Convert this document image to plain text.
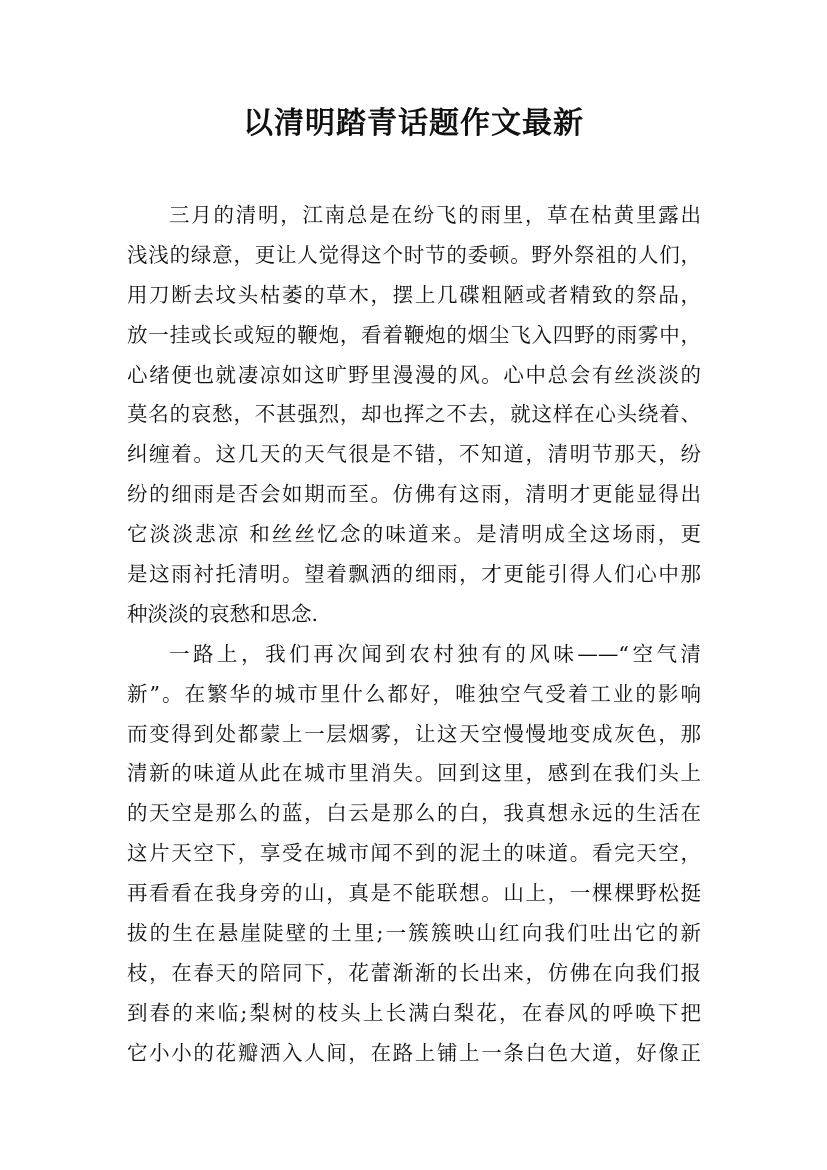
以清明踏青话题作文最新
三月的清明，江南总是在纷飞的雨里，草在枯黄里露出
浅浅的绿意，更让人觉得这个时节的委顿。野外祭祖的人们，
用刀断去坟头枯萎的草木，摆上几碟粗陋或者精致的祭品，
放一挂或长或短的鞭炮，看着鞭炮的烟尘飞入四野的雨雾中，
心绪便也就凄凉如这旷野里漫漫的风。心中总会有丝淡淡的
莫名的哀愁，不甚强烈，却也挥之不去，就这样在心头绕着、
纠缠着。这几天的天气很是不错，不知道，清明节那天，纷
纷的细雨是否会如期而至。仿佛有这雨，清明才更能显得出
它淡淡悲凉 和丝丝忆念的味道来。是清明成全这场雨，更
是这雨衬托清明。望着飘洒的细雨，才更能引得人们心中那
种淡淡的哀愁和思念.
一路上，我们再次闻到农村独有的风味——“空气清
新”。在繁华的城市里什么都好，唯独空气受着工业的影响
而变得到处都蒙上一层烟雾，让这天空慢慢地变成灰色，那
清新的味道从此在城市里消失。回到这里，感到在我们头上
的天空是那么的蓝，白云是那么的白，我真想永远的生活在
这片天空下，享受在城市闻不到的泥土的味道。看完天空，
再看看在我身旁的山，真是不能联想。山上，一棵棵野松挺
拔的生在悬崖陡壁的土里;一簇簇映山红向我们吐出它的新
枝，在春天的陪同下，花蕾渐渐的长出来，仿佛在向我们报
到春的来临;梨树的枝头上长满白梨花，在春风的呼唤下把
它小小的花瓣洒入人间，在路上铺上一条白色大道，好像正
